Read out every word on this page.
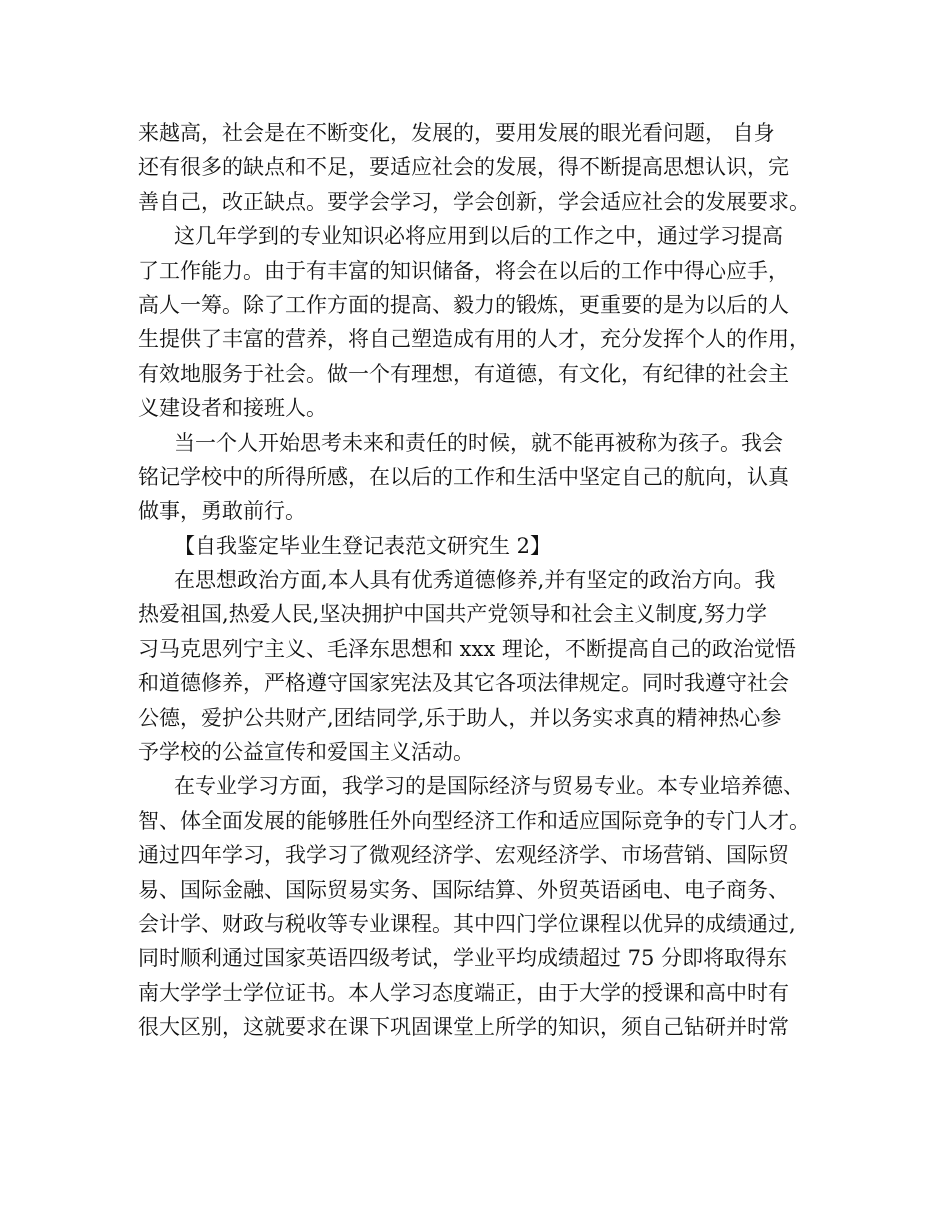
来越高，社会是在不断变化，发展的，要用发展的眼光看问题， 自身
还有很多的缺点和不足，要适应社会的发展，得不断提高思想认识，完
善自己，改正缺点。要学会学习，学会创新，学会适应社会的发展要求。
这几年学到的专业知识必将应用到以后的工作之中，通过学习提高
了工作能力。由于有丰富的知识储备，将会在以后的工作中得心应手，
高人一筹。除了工作方面的提高、毅力的锻炼，更重要的是为以后的人
生提供了丰富的营养，将自己塑造成有用的人才，充分发挥个人的作用，
有效地服务于社会。做一个有理想，有道德，有文化，有纪律的社会主
义建设者和接班人。
当一个人开始思考未来和责任的时候，就不能再被称为孩子。我会
铭记学校中的所得所感，在以后的工作和生活中坚定自己的航向，认真
做事，勇敢前行。
【自我鉴定毕业生登记表范文研究生 2】
在思想政治方面,本人具有优秀道德修养,并有坚定的政治方向。我
热爱祖国,热爱人民,坚决拥护中国共产党领导和社会主义制度,努力学
习马克思列宁主义、毛泽东思想和 xxx 理论，不断提高自己的政治觉悟
和道德修养，严格遵守国家宪法及其它各项法律规定。同时我遵守社会
公德，爱护公共财产,团结同学,乐于助人，并以务实求真的精神热心参
予学校的公益宣传和爱国主义活动。
在专业学习方面，我学习的是国际经济与贸易专业。本专业培养德、
智、体全面发展的能够胜任外向型经济工作和适应国际竞争的专门人才。
通过四年学习，我学习了微观经济学、宏观经济学、市场营销、国际贸
易、国际金融、国际贸易实务、国际结算、外贸英语函电、电子商务、
会计学、财政与税收等专业课程。其中四门学位课程以优异的成绩通过,
同时顺利通过国家英语四级考试，学业平均成绩超过 75 分即将取得东
南大学学士学位证书。本人学习态度端正，由于大学的授课和高中时有
很大区别，这就要求在课下巩固课堂上所学的知识，须自己钻研并时常
